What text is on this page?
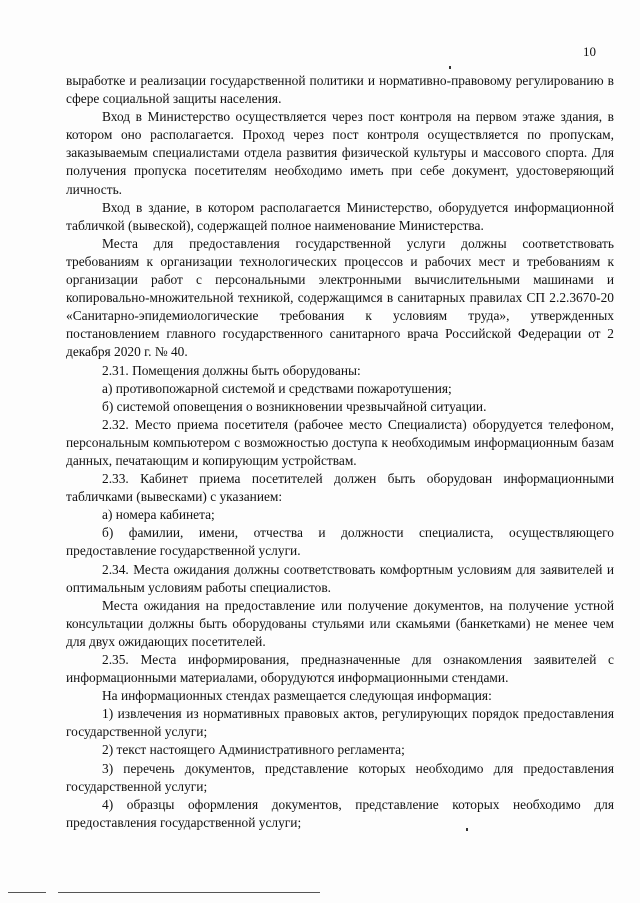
10

выработке и реализации государственной политики и нормативно-правовому регулированию в сфере социальной защиты населения.

Вход в Министерство осуществляется через пост контроля на первом этаже здания, в котором оно располагается. Проход через пост контроля осуществляется по пропускам, заказываемым специалистами отдела развития физической культуры и массового спорта. Для получения пропуска посетителям необходимо иметь при себе документ, удостоверяющий личность.

Вход в здание, в котором располагается Министерство, оборудуется информационной табличкой (вывеской), содержащей полное наименование Министерства.

Места для предоставления государственной услуги должны соответствовать требованиям к организации технологических процессов и рабочих мест и требованиям к организации работ с персональными электронными вычислительными машинами и копировально-множительной техникой, содержащимся в санитарных правилах СП 2.2.3670-20 «Санитарно-эпидемиологические требования к условиям труда», утвержденных постановлением главного государственного санитарного врача Российской Федерации от 2 декабря 2020 г. № 40.

2.31. Помещения должны быть оборудованы:

а) противопожарной системой и средствами пожаротушения;

б) системой оповещения о возникновении чрезвычайной ситуации.

2.32. Место приема посетителя (рабочее место Специалиста) оборудуется телефоном, персональным компьютером с возможностью доступа к необходимым информационным базам данных, печатающим и копирующим устройствам.

2.33. Кабинет приема посетителей должен быть оборудован информационными табличками (вывесками) с указанием:

а) номера кабинета;

б) фамилии, имени, отчества и должности специалиста, осуществляющего предоставление государственной услуги.

2.34. Места ожидания должны соответствовать комфортным условиям для заявителей и оптимальным условиям работы специалистов.

Места ожидания на предоставление или получение документов, на получение устной консультации должны быть оборудованы стульями или скамьями (банкетками) не менее чем для двух ожидающих посетителей.

2.35. Места информирования, предназначенные для ознакомления заявителей с информационными материалами, оборудуются информационными стендами.

На информационных стендах размещается следующая информация:

1) извлечения из нормативных правовых актов, регулирующих порядок предоставления государственной услуги;

2) текст настоящего Административного регламента;

3) перечень документов, представление которых необходимо для предоставления государственной услуги;

4) образцы оформления документов, представление которых необходимо для предоставления государственной услуги;
